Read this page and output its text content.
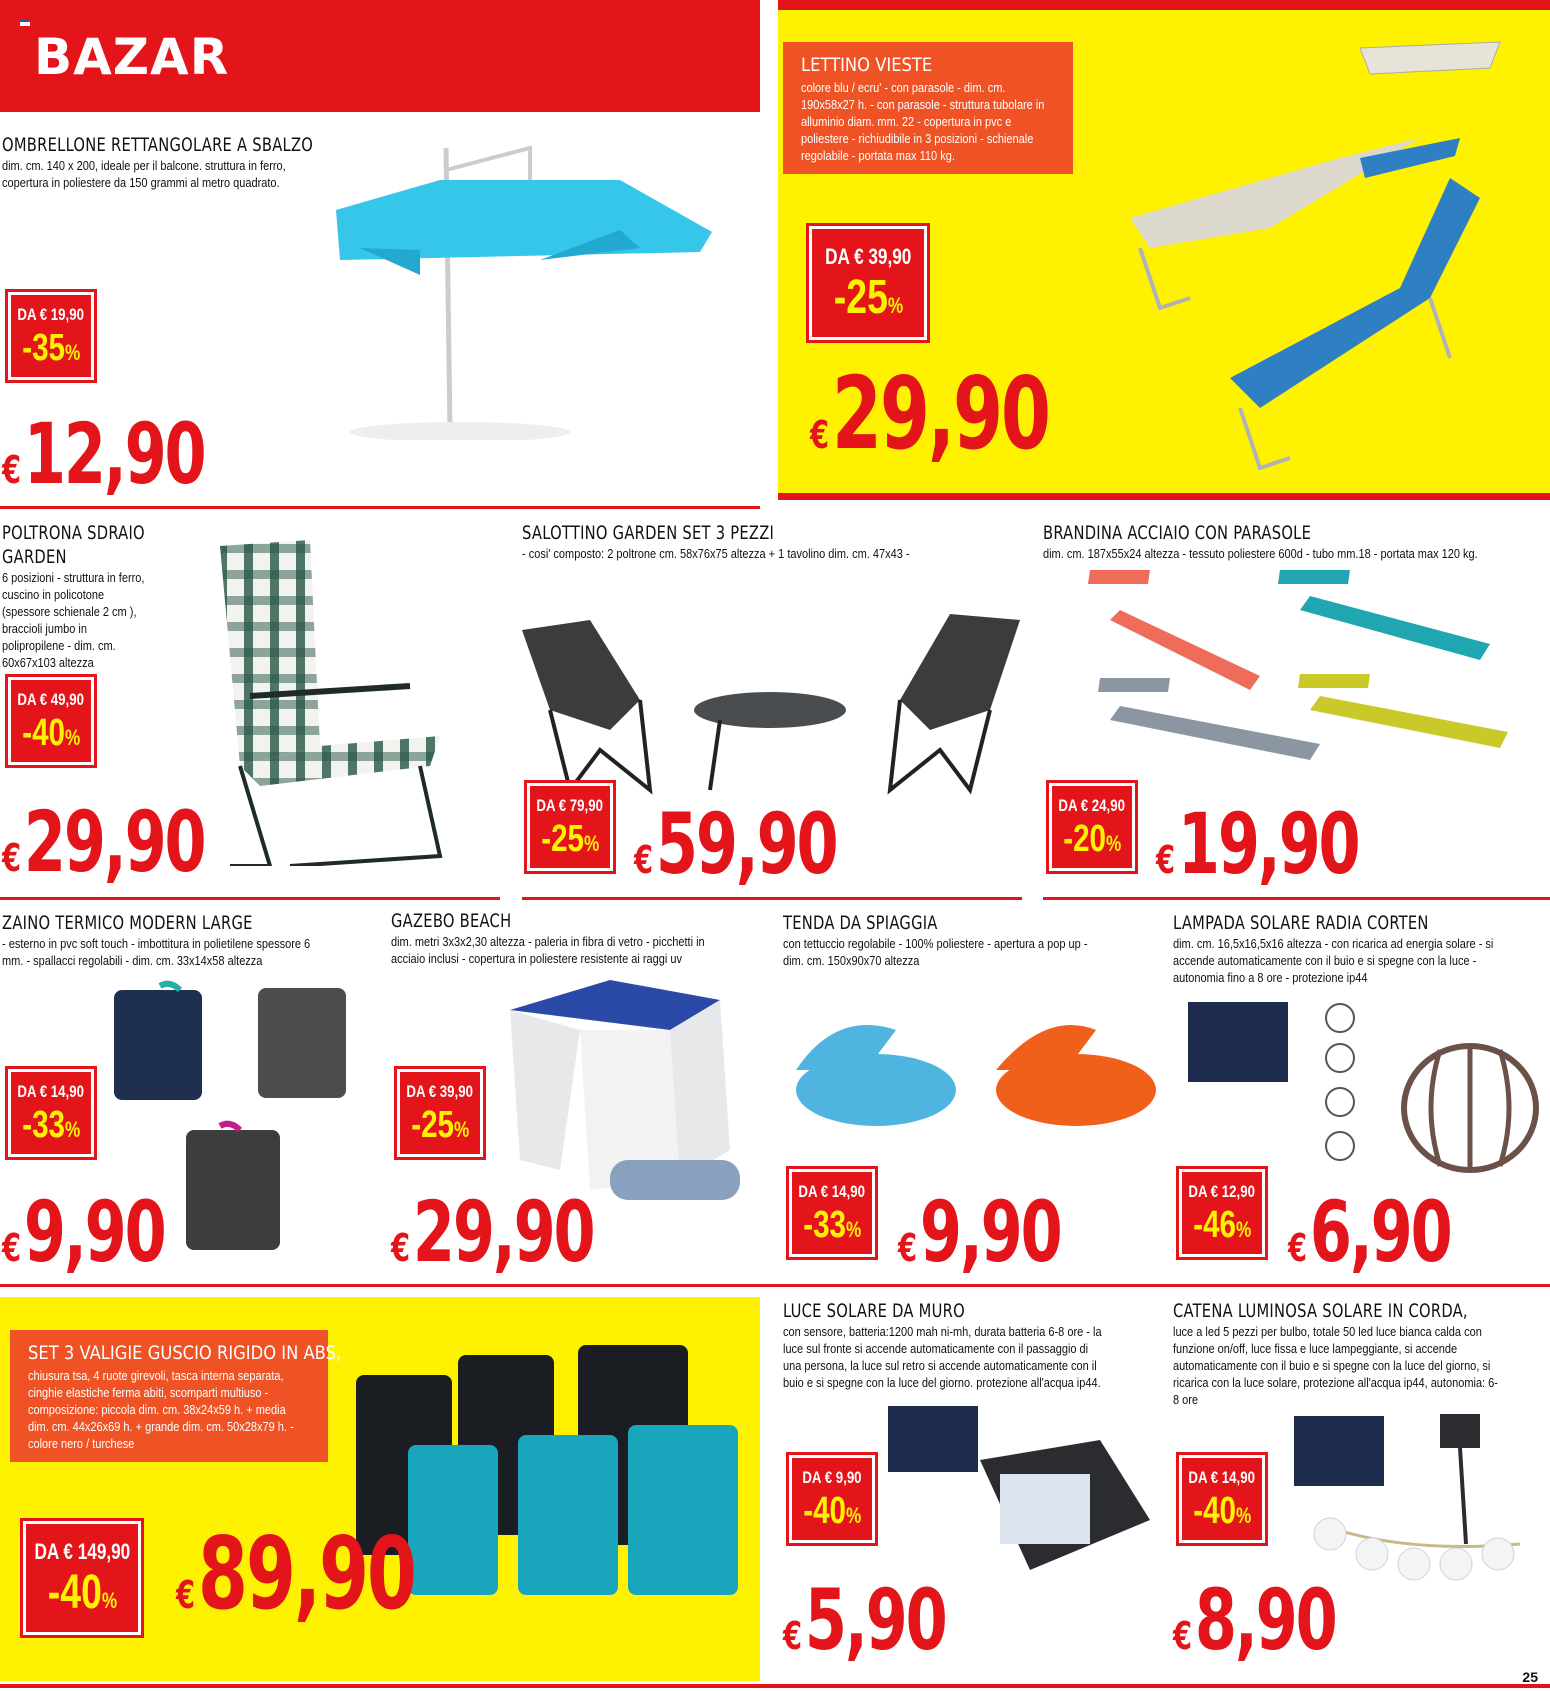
BAZAR
OMBRELLONE RETTANGOLARE A SBALZO
dim. cm. 140 x 200, ideale per il balcone. struttura in ferro, copertura in poliestere da 150 grammi al metro quadrato.
DA € 19,90
-35%
€12,90
LETTINO VIESTE
colore blu / ecru' - con parasole - dim. cm. 190x58x27 h. - con parasole - struttura tubolare in alluminio diam. mm. 22 - copertura in pvc e poliestere - richiudibile in 3 posizioni - schienale regolabile - portata max 110 kg.
DA € 39,90
-25%
€29,90
POLTRONA SDRAIO
GARDEN
6 posizioni - struttura in ferro, cuscino in policotone (spessore schienale 2 cm ), braccioli jumbo in polipropilene - dim. cm. 60x67x103 altezza
DA € 49,90
-40%
€29,90
SALOTTINO GARDEN SET 3 PEZZI
- cosi' composto: 2 poltrone cm. 58x76x75 altezza + 1 tavolino dim. cm. 47x43 -
DA € 79,90
-25% €59,90
BRANDINA ACCIAIO CON PARASOLE
dim. cm. 187x55x24 altezza - tessuto poliestere 600d - tubo mm.18 - portata max 120 kg.
DA € 24,90
-20% €19,90
ZAINO TERMICO MODERN LARGE
- esterno in pvc soft touch - imbottitura in polietilene spessore 6 mm. - spallacci regolabili - dim. cm. 33x14x58 altezza
DA € 14,90
-33%
€9,90
GAZEBO BEACH
dim. metri 3x3x2,30 altezza - paleria in fibra di vetro - picchetti in acciaio inclusi - copertura in poliestere resistente ai raggi uv
DA € 39,90
-25%
€29,90
TENDA DA SPIAGGIA
con tettuccio regolabile - 100% poliestere - apertura a pop up - dim. cm. 150x90x70 altezza
DA € 14,90
-33% €9,90
LAMPADA SOLARE RADIA CORTEN
dim. cm. 16,5x16,5x16 altezza - con ricarica ad energia solare - si accende automaticamente con il buio e si spegne con la luce - autonomia fino a 8 ore - protezione ip44
DA € 12,90
-46% €6,90
SET 3 VALIGIE GUSCIO RIGIDO IN ABS,
chiusura tsa, 4 ruote girevoli, tasca interna separata, cinghie elastiche ferma abiti, scomparti multiuso - composizione: piccola dim. cm. 38x24x59 h. + media dim. cm. 44x26x69 h. + grande dim. cm. 50x28x79 h. - colore nero / turchese
DA € 149,90
-40% €89,90
LUCE SOLARE DA MURO
con sensore, batteria:1200 mah ni-mh, durata batteria 6-8 ore - la luce sul fronte si accende automaticamente con il passaggio di una persona, la luce sul retro si accende automaticamente con il buio e si spegne con la luce del giorno. protezione all'acqua ip44.
DA € 9,90
-40%
€5,90
CATENA LUMINOSA SOLARE IN CORDA,
luce a led 5 pezzi per bulbo, totale 50 led luce bianca calda con funzione on/off, luce fissa e luce lampeggiante, si accende automaticamente con il buio e si spegne con la luce del giorno, si ricarica con la luce solare, protezione all'acqua ip44, autonomia: 6-8 ore
DA € 14,90
-40%
€8,90
25
